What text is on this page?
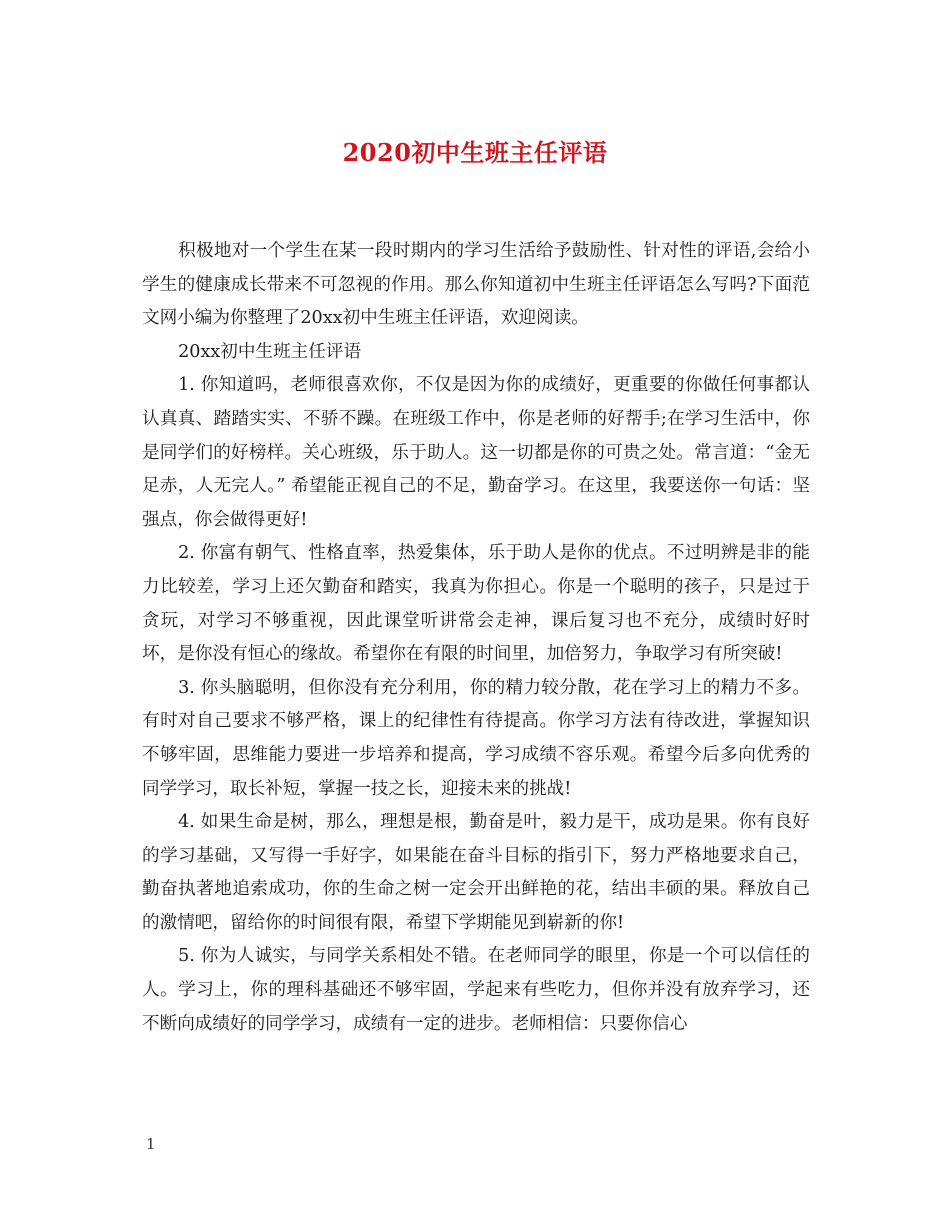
2020初中生班主任评语

积极地对一个学生在某一段时期内的学习生活给予鼓励性、针对性的评语,会给小学生的健康成长带来不可忽视的作用。那么你知道初中生班主任评语怎么写吗?下面范文网小编为你整理了20xx初中生班主任评语，欢迎阅读。

20xx初中生班主任评语

1. 你知道吗，老师很喜欢你，不仅是因为你的成绩好，更重要的你做任何事都认认真真、踏踏实实、不骄不躁。在班级工作中，你是老师的好帮手;在学习生活中，你是同学们的好榜样。关心班级，乐于助人。这一切都是你的可贵之处。常言道：“金无足赤，人无完人。” 希望能正视自己的不足，勤奋学习。在这里，我要送你一句话：坚强点，你会做得更好!

2. 你富有朝气、性格直率，热爱集体，乐于助人是你的优点。不过明辨是非的能力比较差，学习上还欠勤奋和踏实，我真为你担心。你是一个聪明的孩子，只是过于贪玩，对学习不够重视，因此课堂听讲常会走神，课后复习也不充分，成绩时好时坏，是你没有恒心的缘故。希望你在有限的时间里，加倍努力，争取学习有所突破!

3. 你头脑聪明，但你没有充分利用，你的精力较分散，花在学习上的精力不多。有时对自己要求不够严格，课上的纪律性有待提高。你学习方法有待改进，掌握知识不够牢固，思维能力要进一步培养和提高，学习成绩不容乐观。希望今后多向优秀的同学学习，取长补短，掌握一技之长，迎接未来的挑战!

4. 如果生命是树，那么，理想是根，勤奋是叶，毅力是干，成功是果。你有良好的学习基础，又写得一手好字，如果能在奋斗目标的指引下，努力严格地要求自己，勤奋执著地追索成功，你的生命之树一定会开出鲜艳的花，结出丰硕的果。释放自己的激情吧，留给你的时间很有限，希望下学期能见到崭新的你!

5. 你为人诚实，与同学关系相处不错。在老师同学的眼里，你是一个可以信任的人。学习上，你的理科基础还不够牢固，学起来有些吃力，但你并没有放弃学习，还不断向成绩好的同学学习，成绩有一定的进步。老师相信：只要你信心

1
